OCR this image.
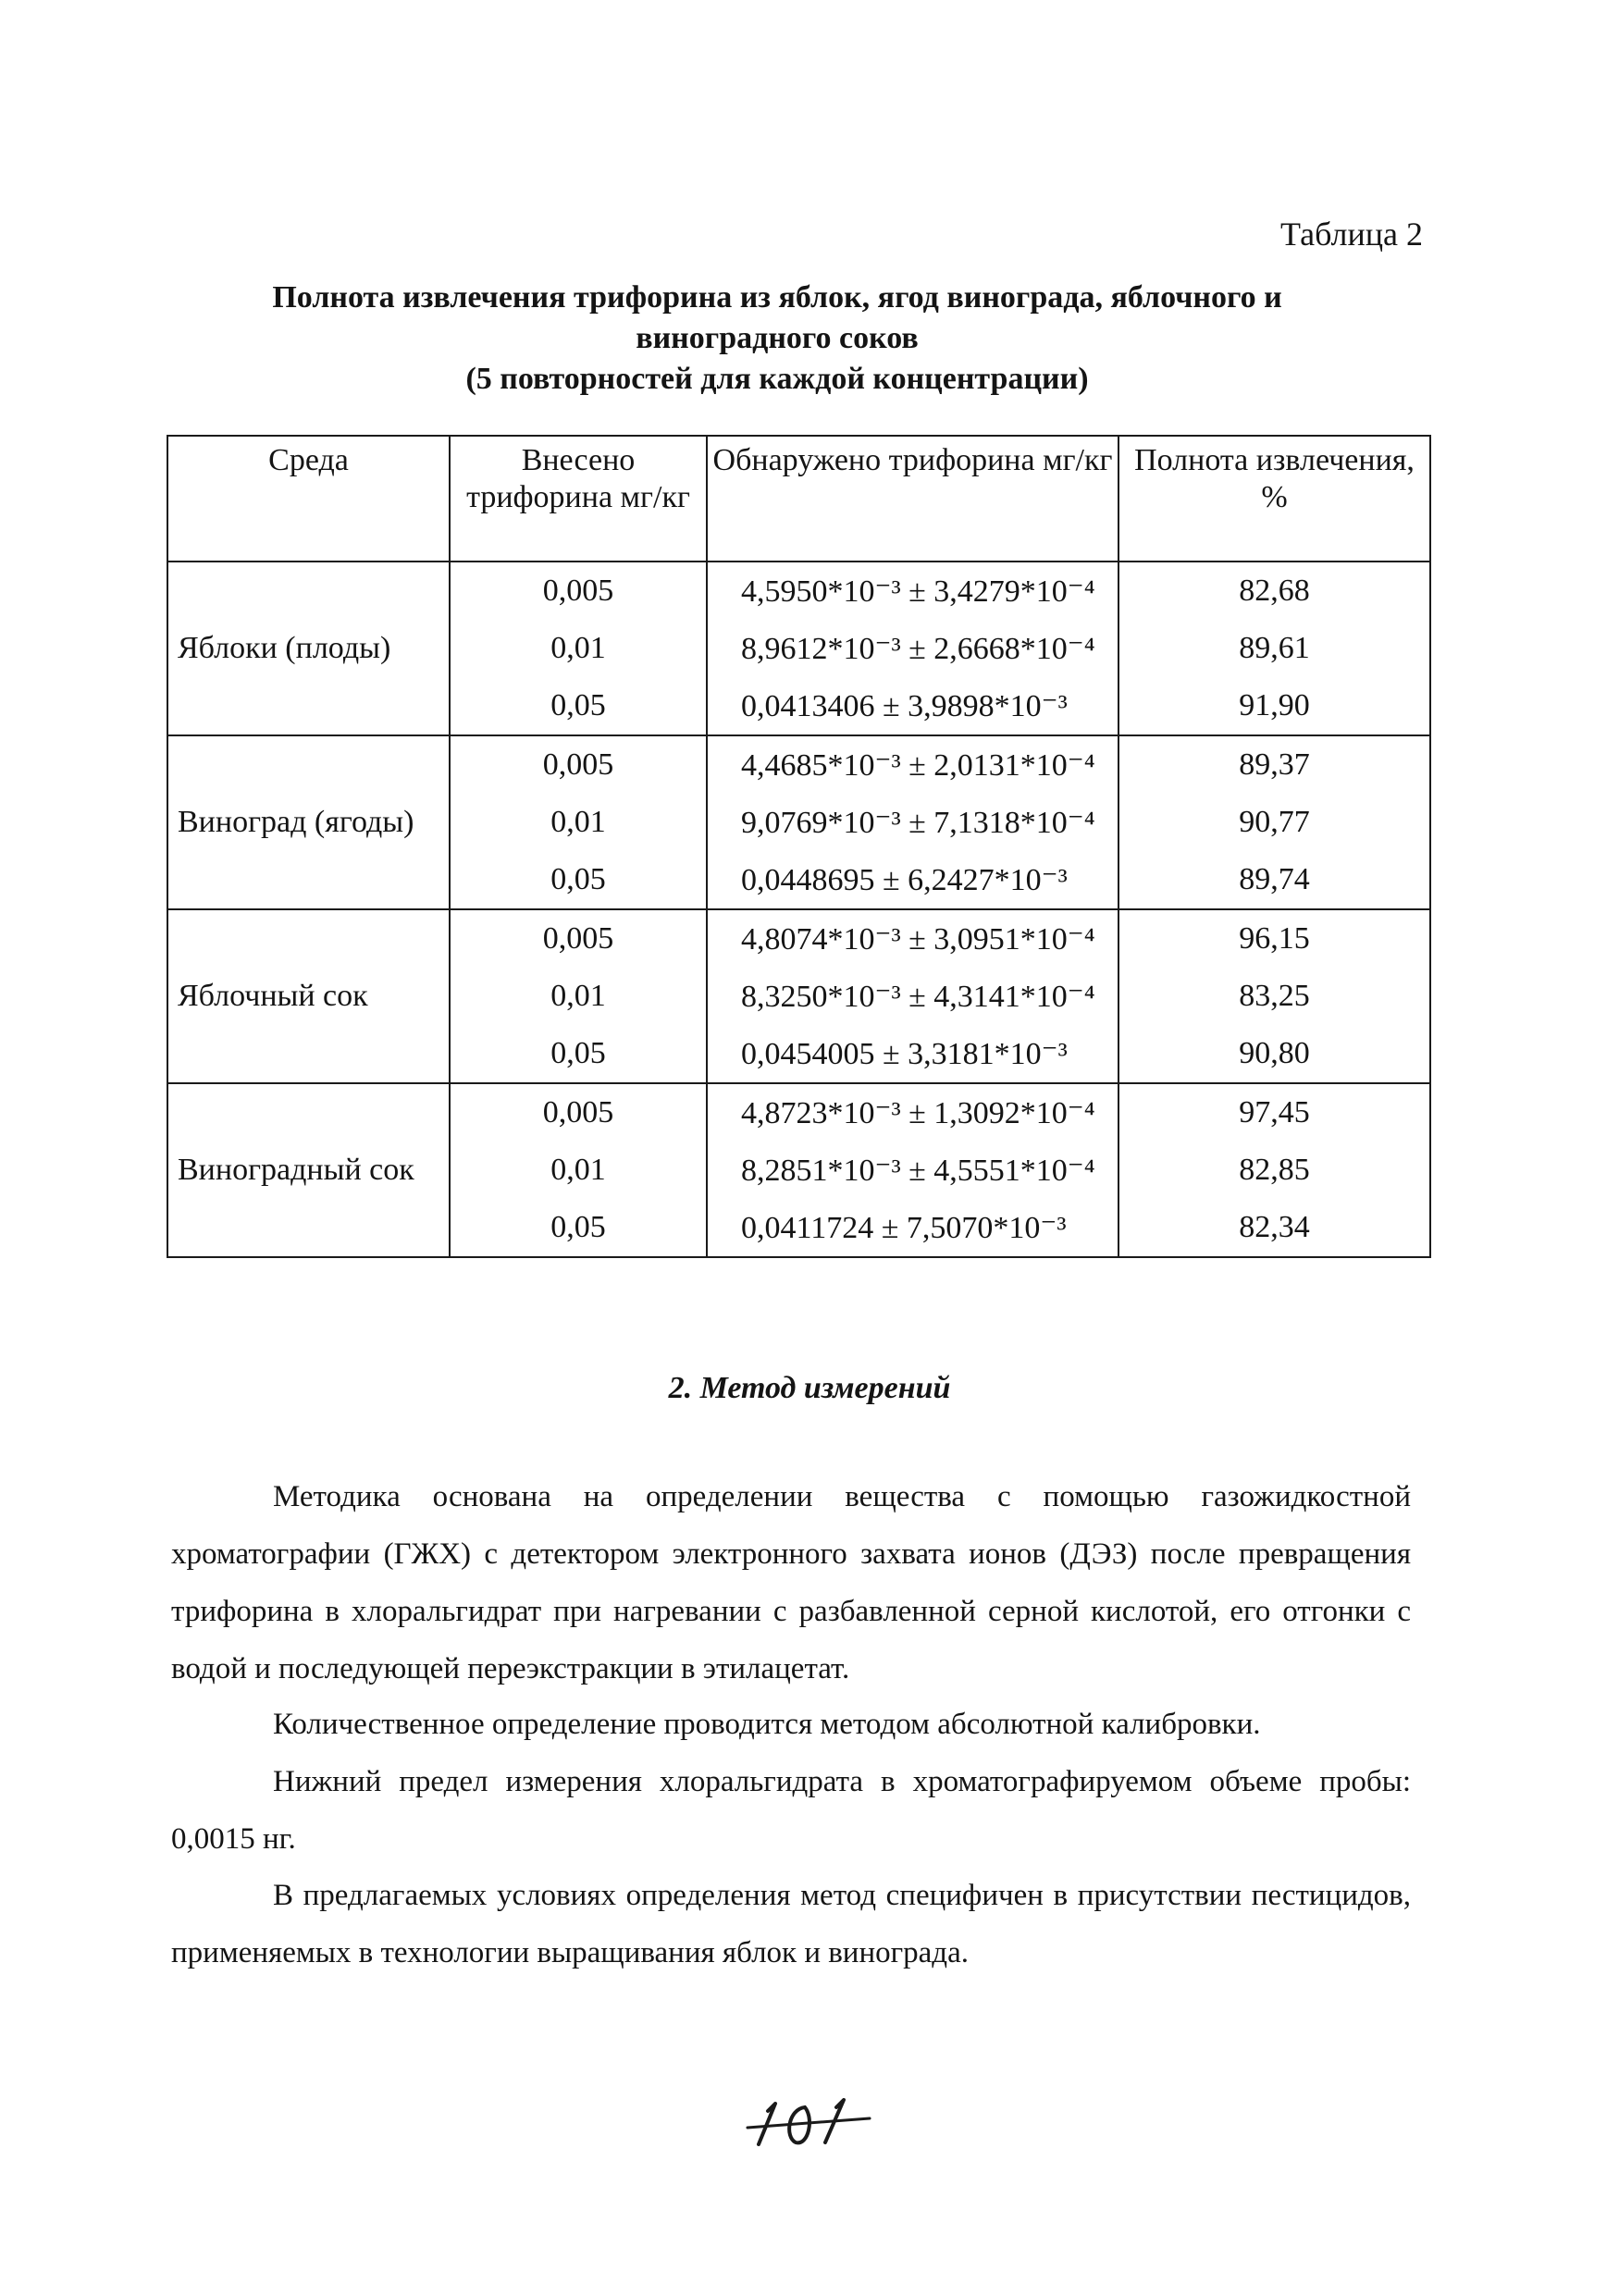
Таблица 2
Полнота извлечения трифорина из яблок, ягод винограда, яблочного и
виноградного соков
(5 повторностей для каждой концентрации)
Среда	Внесено трифорина мг/кг	Обнаружено трифорина мг/кг	Полнота извлечения, %
Яблоки (плоды)	0,005	4,5950*10⁻³ ± 3,4279*10⁻⁴	82,68
	0,01	8,9612*10⁻³ ± 2,6668*10⁻⁴	89,61
	0,05	0,0413406 ± 3,9898*10⁻³	91,90
Виноград (ягоды)	0,005	4,4685*10⁻³ ± 2,0131*10⁻⁴	89,37
	0,01	9,0769*10⁻³ ± 7,1318*10⁻⁴	90,77
	0,05	0,0448695 ± 6,2427*10⁻³	89,74
Яблочный сок	0,005	4,8074*10⁻³ ± 3,0951*10⁻⁴	96,15
	0,01	8,3250*10⁻³ ± 4,3141*10⁻⁴	83,25
	0,05	0,0454005 ± 3,3181*10⁻³	90,80
Виноградный сок	0,005	4,8723*10⁻³ ± 1,3092*10⁻⁴	97,45
	0,01	8,2851*10⁻³ ± 4,5551*10⁻⁴	82,85
	0,05	0,0411724 ± 7,5070*10⁻³	82,34
2. Метод измерений

Методика основана на определении вещества с помощью газожидкостной хроматографии (ГЖХ) с детектором электронного захвата ионов (ДЭЗ) после превращения трифорина в хлоральгидрат при нагревании с разбавленной серной кислотой, его отгонки с водой и последующей переэкстракции в этилацетат.

Количественное определение проводится методом абсолютной калибровки.

Нижний предел измерения хлоральгидрата в хроматографируемом объеме пробы: 0,0015 нг.

В предлагаемых условиях определения метод специфичен в присутствии пестицидов, применяемых в технологии выращивания яблок и винограда.
